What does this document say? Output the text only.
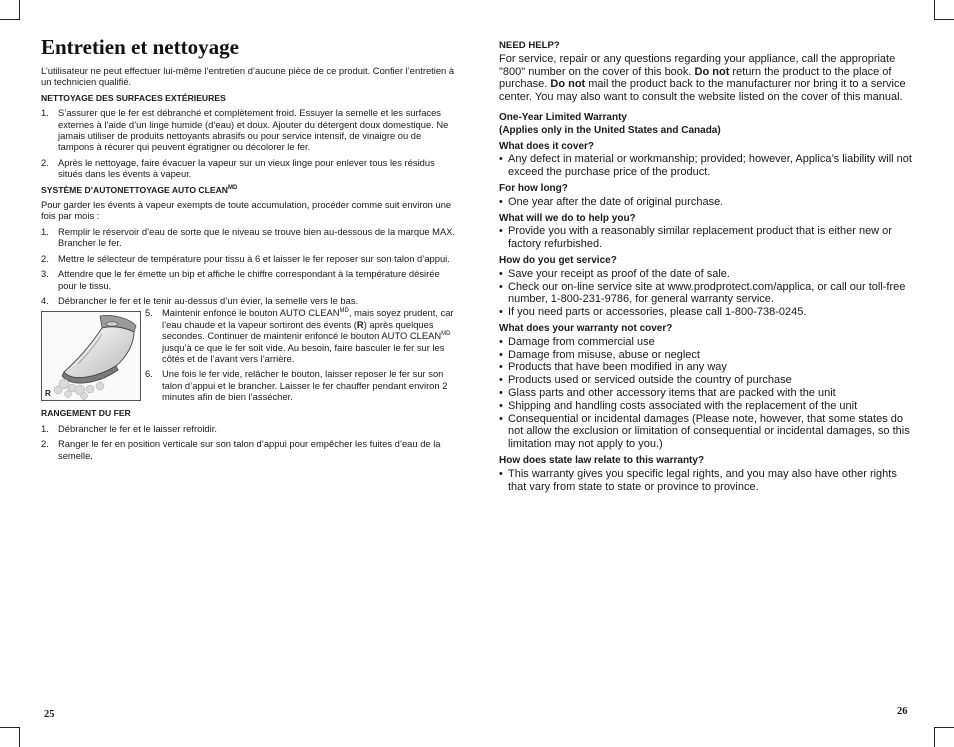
Entretien et nettoyage

L’utilisateur ne peut effectuer lui-même l’entretien d’aucune pièce de ce produit. Confier l’entretien à un technicien qualifié.

NETTOYAGE DES SURFACES EXTÉRIEURES
1. S’assurer que le fer est débranché et complètement froid. Essuyer la semelle et les surfaces externes à l’aide d’un linge humide (d’eau) et doux. Ajouter du détergent doux domestique. Ne jamais utiliser de produits nettoyants abrasifs ou pour service intensif, de vinaigre ou de tampons à récurer qui peuvent égratigner ou décolorer le fer.
2. Après le nettoyage, faire évacuer la vapeur sur un vieux linge pour enlever tous les résidus situés dans les évents à vapeur.
SYSTÈME D’AUTONETTOYAGE AUTO $CLEAN^{MD}$

Pour garder les évents à vapeur exempts de toute accumulation, procéder comme suit environ une fois par mois :

1. Remplir le réservoir d’eau de sorte que le niveau se trouve bien au-dessous de la marque MAX. Brancher le fer.
2. Mettre le sélecteur de température pour tissu à 6 et laisser le fer reposer sur son talon d’appui.
3. Attendre que le fer émette un bip et affiche le chiffre correspondant à la température désirée pour le tissu.
4. Débrancher le fer et le tenir au-dessus d’un évier, la semelle vers le bas.
R
5. Maintenir enfoncé le bouton AUTO $CLEAN^{MD}$, mais soyez prudent, car l’eau chaude et la vapeur sortiront des évents (R) après quelques secondes. Continuer de maintenir enfoncé le bouton AUTO $CLEAN^{MD}$ jusqu’à ce que le fer soit vide. Au besoin, faire basculer le fer sur les côtés et de l’avant vers l’arrière.
6. Une fois le fer vide, relâcher le bouton, laisser reposer le fer sur son talon d’appui et le brancher. Laisser le fer chauffer pendant environ 2 minutes afin de bien l’assécher.
RANGEMENT DU FER
1. Débrancher le fer et le laisser refroidir.
2. Ranger le fer en position verticale sur son talon d’appui pour empêcher les fuites d’eau de la semelle.
25
NEED HELP?

For service, repair or any questions regarding your appliance, call the appropriate "800" number on the cover of this book. Do not return the product to the place of purchase. Do not mail the product back to the manufacturer nor bring it to a service center. You may also want to consult the website listed on the cover of this manual.

One-Year Limited Warranty
(Applies only in the United States and Canada)
What does it cover?
• Any defect in material or workmanship; provided; however, Applica’s liability will not exceed the purchase price of the product.
For how long?
• One year after the date of original purchase.
What will we do to help you?
• Provide you with a reasonably similar replacement product that is either new or factory refurbished.
How do you get service?
• Save your receipt as proof of the date of sale.
• Check our on-line service site at www.prodprotect.com/applica, or call our toll-free number, 1-800-231-9786, for general warranty service.
• If you need parts or accessories, please call 1-800-738-0245.
What does your warranty not cover?
• Damage from commercial use
• Damage from misuse, abuse or neglect
• Products that have been modified in any way
• Products used or serviced outside the country of purchase
• Glass parts and other accessory items that are packed with the unit
• Shipping and handling costs associated with the replacement of the unit
• Consequential or incidental damages (Please note, however, that some states do not allow the exclusion or limitation of consequential or incidental damages, so this limitation may not apply to you.)
How does state law relate to this warranty?
• This warranty gives you specific legal rights, and you may also have other rights that vary from state to state or province to province.
26
